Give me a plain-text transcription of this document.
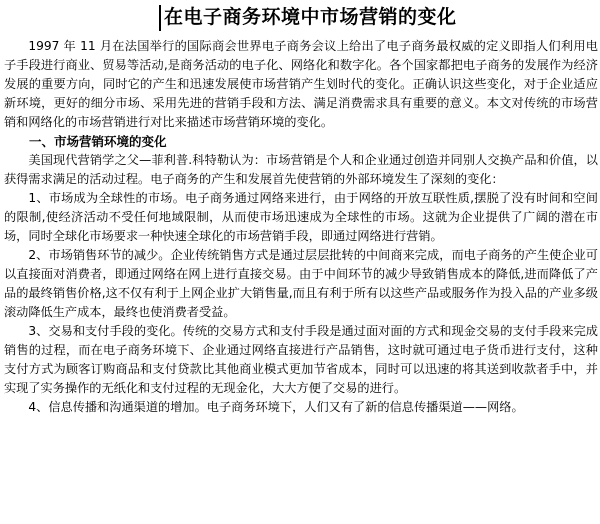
在电子商务环境中市场营销的变化

1997 年 11 月在法国举行的国际商会世界电子商务会议上给出了电子商务最权威的定义即指人们利用电子手段进行商业、贸易等活动,是商务活动的电子化、网络化和数字化。各个国家都把电子商务的发展作为经济发展的重要方向，同时它的产生和迅速发展使市场营销产生划时代的变化。正确认识这些变化，对于企业适应新环境，更好的细分市场、采用先进的营销手段和方法、满足消费需求具有重要的意义。本文对传统的市场营销和网络化的市场营销进行对比来描述市场营销环境的变化。

一、市场营销环境的变化

美国现代营销学之父—菲利普.科特勒认为：市场营销是个人和企业通过创造并同别人交换产品和价值，以获得需求满足的活动过程。电子商务的产生和发展首先使营销的外部环境发生了深刻的变化：

1、市场成为全球性的市场。电子商务通过网络来进行，由于网络的开放互联性质,摆脱了没有时间和空间的限制,使经济活动不受任何地域限制，从而使市场迅速成为全球性的市场。这就为企业提供了广阔的潜在市场，同时全球化市场要求一种快速全球化的市场营销手段，即通过网络进行营销。

2、市场销售环节的减少。企业传统销售方式是通过层层批转的中间商来完成，而电子商务的产生使企业可以直接面对消费者，即通过网络在网上进行直接交易。由于中间环节的减少导致销售成本的降低,进而降低了产品的最终销售价格,这不仅有利于上网企业扩大销售量,而且有利于所有以这些产品或服务作为投入品的产业多级滚动降低生产成本，最终也使消费者受益。

3、交易和支付手段的变化。传统的交易方式和支付手段是通过面对面的方式和现金交易的支付手段来完成销售的过程，而在电子商务环境下、企业通过网络直接进行产品销售，这时就可通过电子货币进行支付，这种支付方式为顾客订购商品和支付贷款比其他商业模式更加节省成本，同时可以迅速的将其送到收款者手中，并实现了实务操作的无纸化和支付过程的无现金化，大大方便了交易的进行。

4、信息传播和沟通渠道的增加。电子商务环境下，人们又有了新的信息传播渠道——网络。
